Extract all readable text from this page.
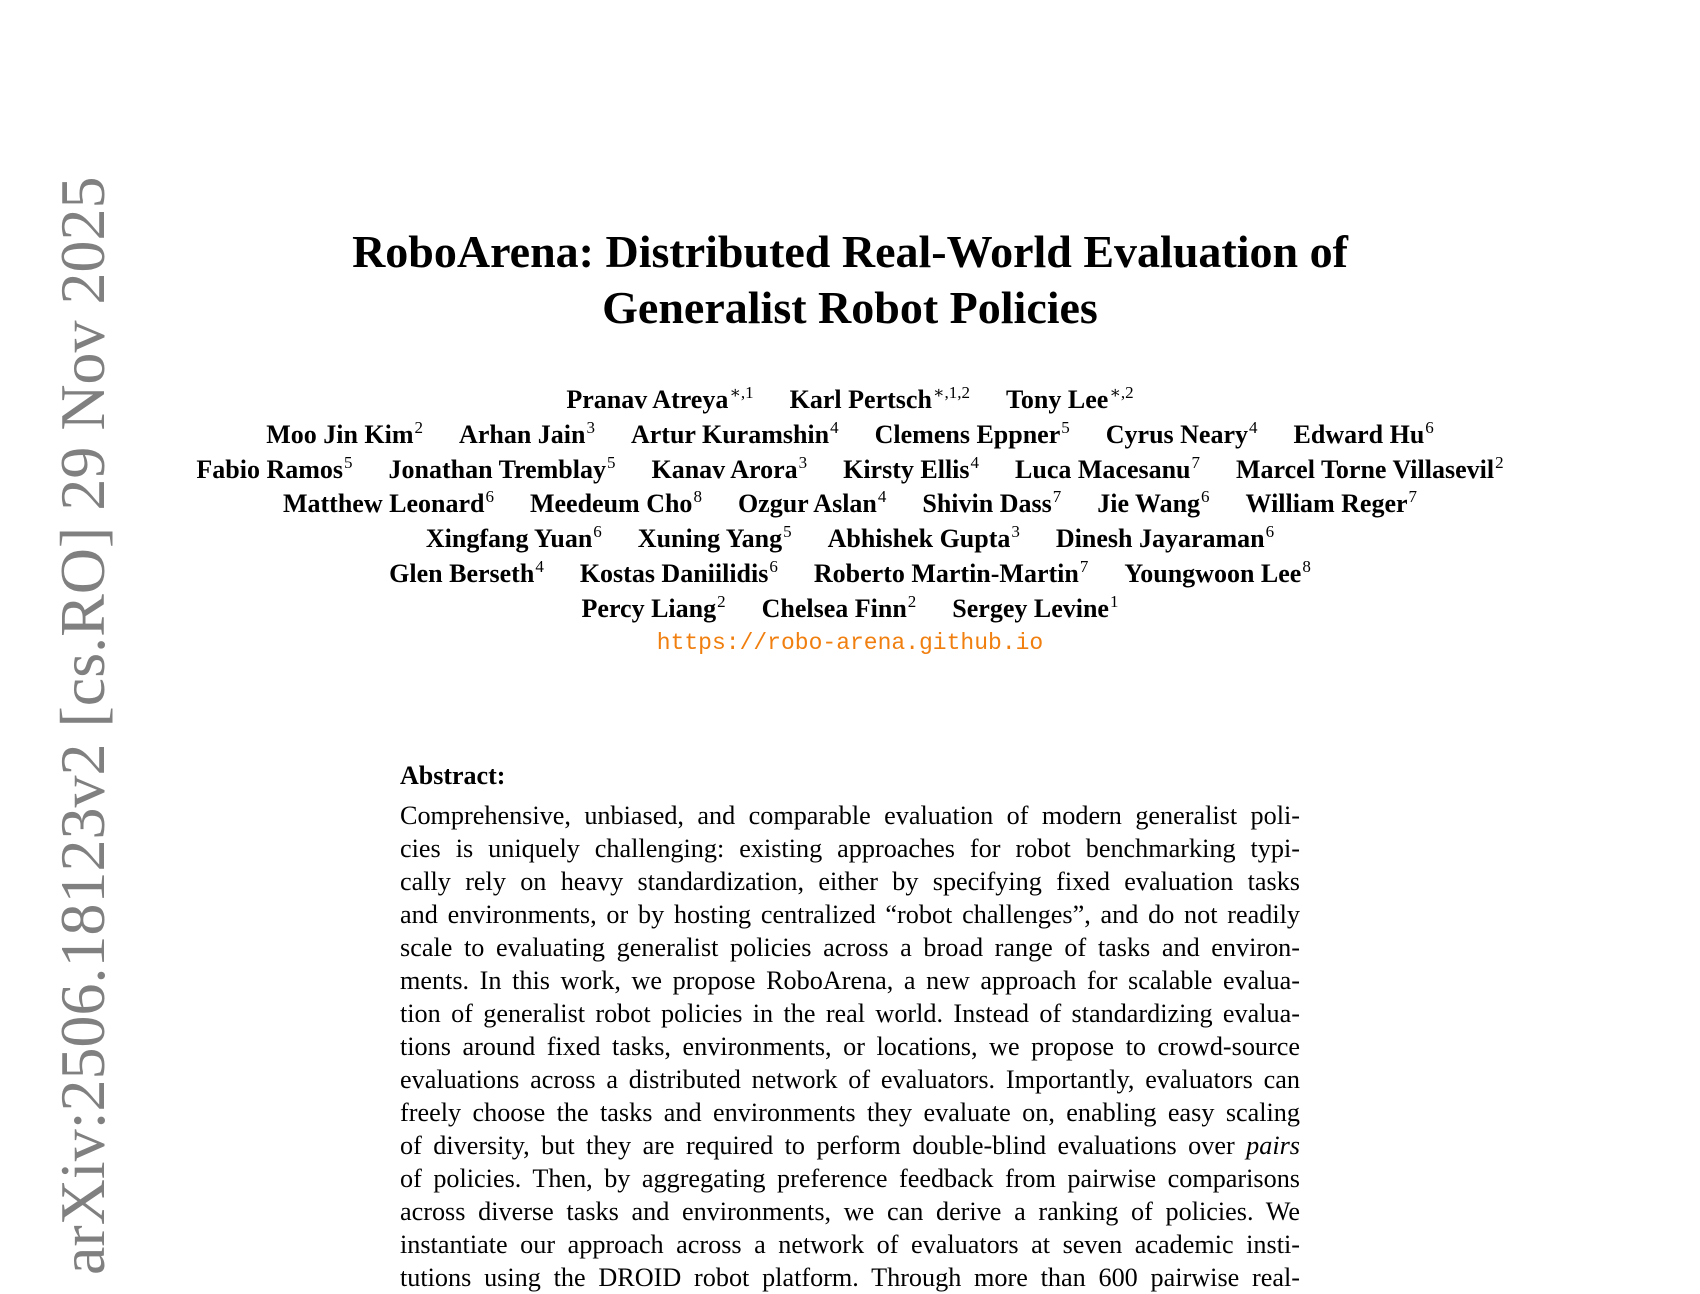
arXiv:2506.18123v2 [cs.RO] 29 Nov 2025	RoboArena: Distributed Real-World Evaluation of
Generalist Robot Policies
Pranav Atreya$^{∗,1}$ Karl Pertsch$^{∗,1,2}$ Tony Lee$^{∗,2}$
Moo Jin Kim$^2$ Arhan Jain$^3$ Artur Kuramshin$^4$ Clemens Eppner$^5$ Cyrus Neary$^4$ Edward Hu$^6$
Fabio Ramos$^5$ Jonathan Tremblay$^5$ Kanav Arora$^3$ Kirsty Ellis$^4$ Luca Macesanu$^7$ Marcel Torne Villasevil$^2$
Matthew Leonard$^6$ Meedeum Cho$^8$ Ozgur Aslan$^4$ Shivin Dass$^7$ Jie Wang$^6$ William Reger$^7$
Xingfang Yuan$^6$ Xuning Yang$^5$ Abhishek Gupta$^3$ Dinesh Jayaraman$^6$
Glen Berseth$^4$ Kostas Daniilidis$^6$ Roberto Martin-Martin$^7$ Youngwoon Lee$^8$
Percy Liang$^2$ Chelsea Finn$^2$ Sergey Levine$^1$
https://robo-arena.github.io
Abstract:
Comprehensive, unbiased, and comparable evaluation of modern generalist poli-
cies is uniquely challenging: existing approaches for robot benchmarking typi-
cally rely on heavy standardization, either by specifying fixed evaluation tasks
and environments, or by hosting centralized “robot challenges”, and do not readily
scale to evaluating generalist policies across a broad range of tasks and environ-
ments. In this work, we propose RoboArena, a new approach for scalable evalua-
tion of generalist robot policies in the real world. Instead of standardizing evalua-
tions around fixed tasks, environments, or locations, we propose to crowd-source
evaluations across a distributed network of evaluators. Importantly, evaluators can
freely choose the tasks and environments they evaluate on, enabling easy scaling
of diversity, but they are required to perform double-blind evaluations over pairs
of policies. Then, by aggregating preference feedback from pairwise comparisons
across diverse tasks and environments, we can derive a ranking of policies. We
instantiate our approach across a network of evaluators at seven academic insti-
tutions using the DROID robot platform. Through more than 600 pairwise real-
